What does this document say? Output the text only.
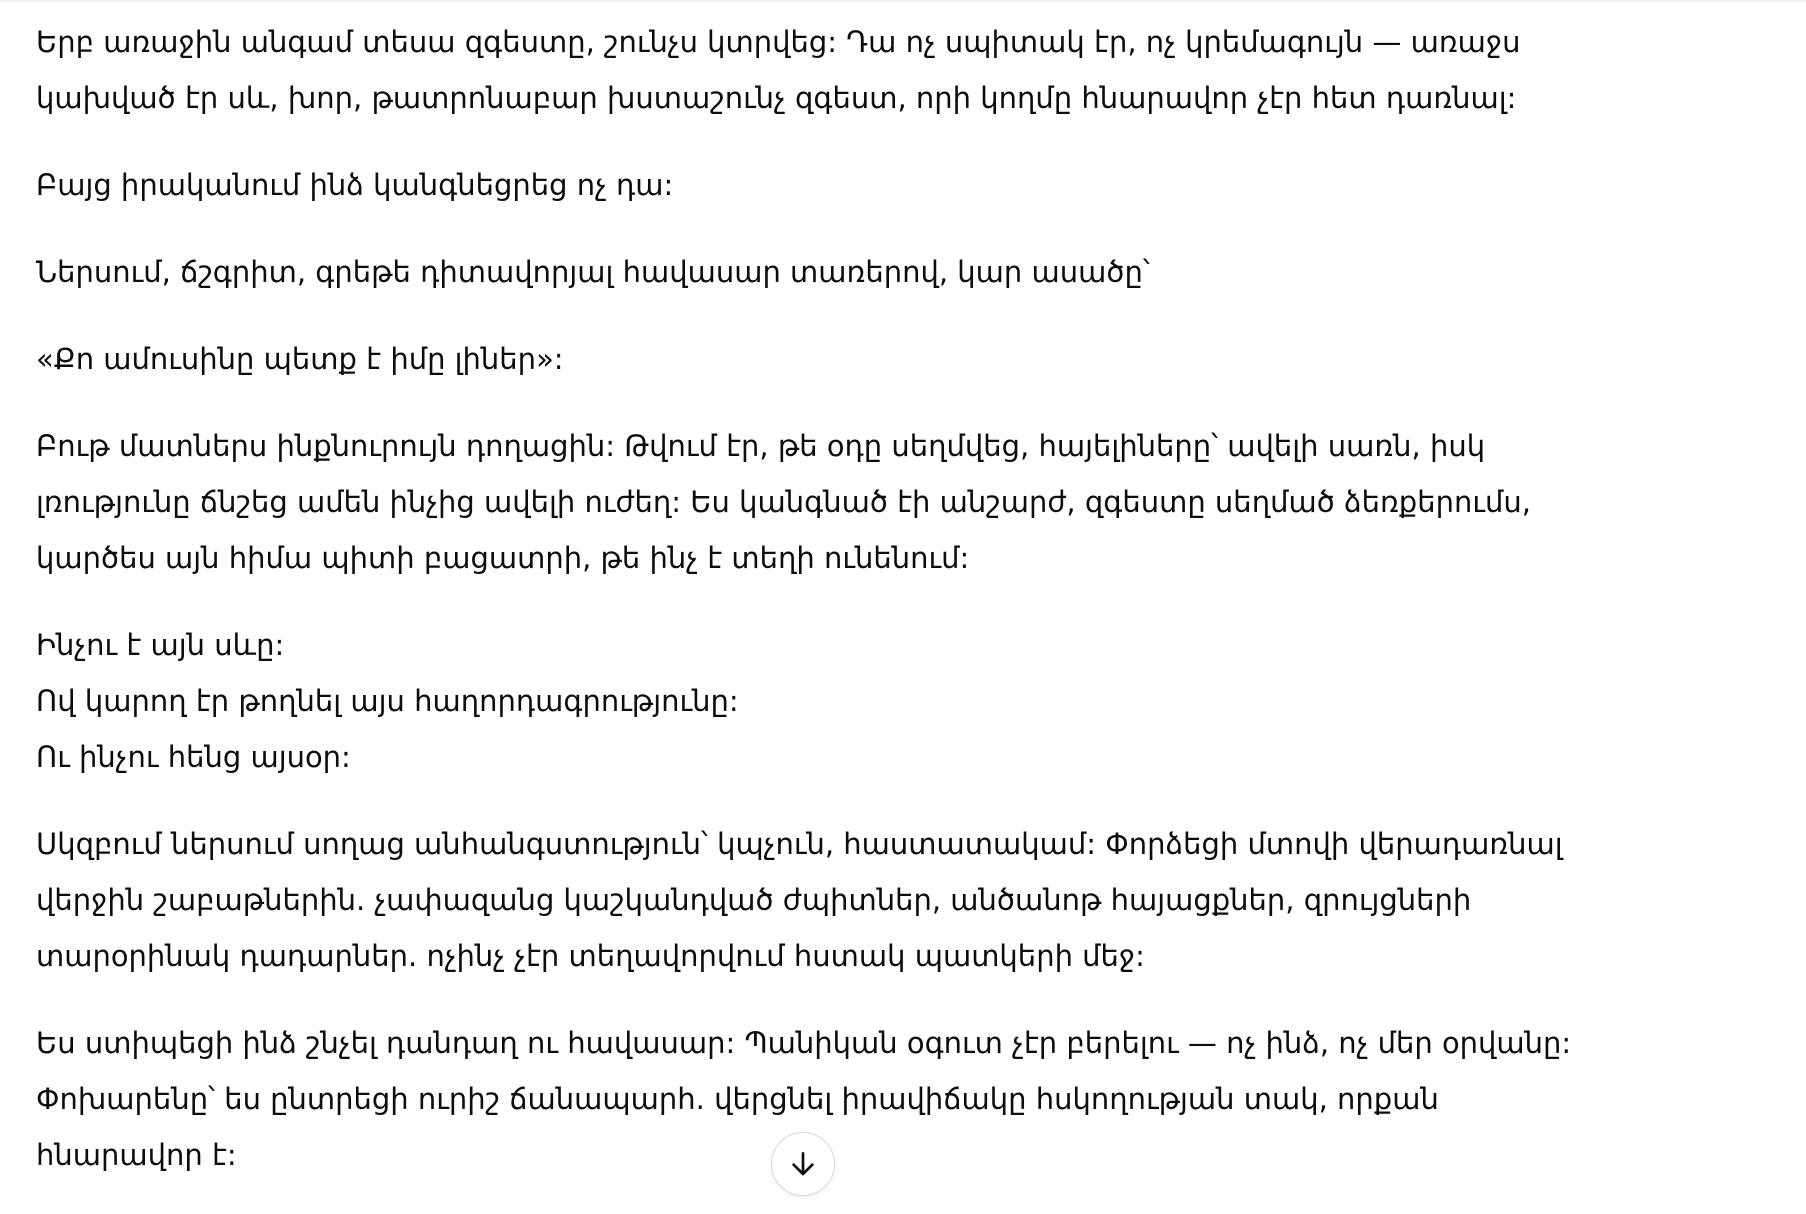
Երբ առաջին անգամ տեսա զգեստը, շունչս կտրվեց: Դա ոչ սպիտակ էր, ոչ կրեմագույն — առաջս
կախված էր սև, խոր, թատրոնաբար խստաշունչ զգեստ, որի կողմը հնարավոր չէր հետ դառնալ:

Բայց իրականում ինձ կանգնեցրեց ոչ դա:

Ներսում, ճշգրիտ, գրեթե դիտավորյալ հավասար տառերով, կար ասածը՝

«Քո ամուսինը պետք է իմը լիներ»:

Բութ մատներս ինքնուրույն դողացին: Թվում էր, թե օդը սեղմվեց, հայելիները՝ ավելի սառն, իսկ
լռությունը ճնշեց ամեն ինչից ավելի ուժեղ: Ես կանգնած էի անշարժ, զգեստը սեղմած ձեռքերումս,
կարծես այն հիմա պիտի բացատրի, թե ինչ է տեղի ունենում:

Ինչու է այն սևը:
Ով կարող էր թողնել այս հաղորդագրությունը:
Ու ինչու հենց այսօր:

Սկզբում ներսում սողաց անհանգստություն՝ կպչուն, հաստատակամ: Փորձեցի մտովի վերադառնալ
վերջին շաբաթներին. չափազանց կաշկանդված ժպիտներ, անծանոթ հայացքներ, զրույցների
տարօրինակ դադարներ. ոչինչ չէր տեղավորվում հստակ պատկերի մեջ:

Ես ստիպեցի ինձ շնչել դանդաղ ու հավասար: Պանիկան օգուտ չէր բերելու — ոչ ինձ, ոչ մեր օրվանը:
Փոխարենը՝ ես ընտրեցի ուրիշ ճանապարհ. վերցնել իրավիճակը հսկողության տակ, որքան
հնարավոր է:
